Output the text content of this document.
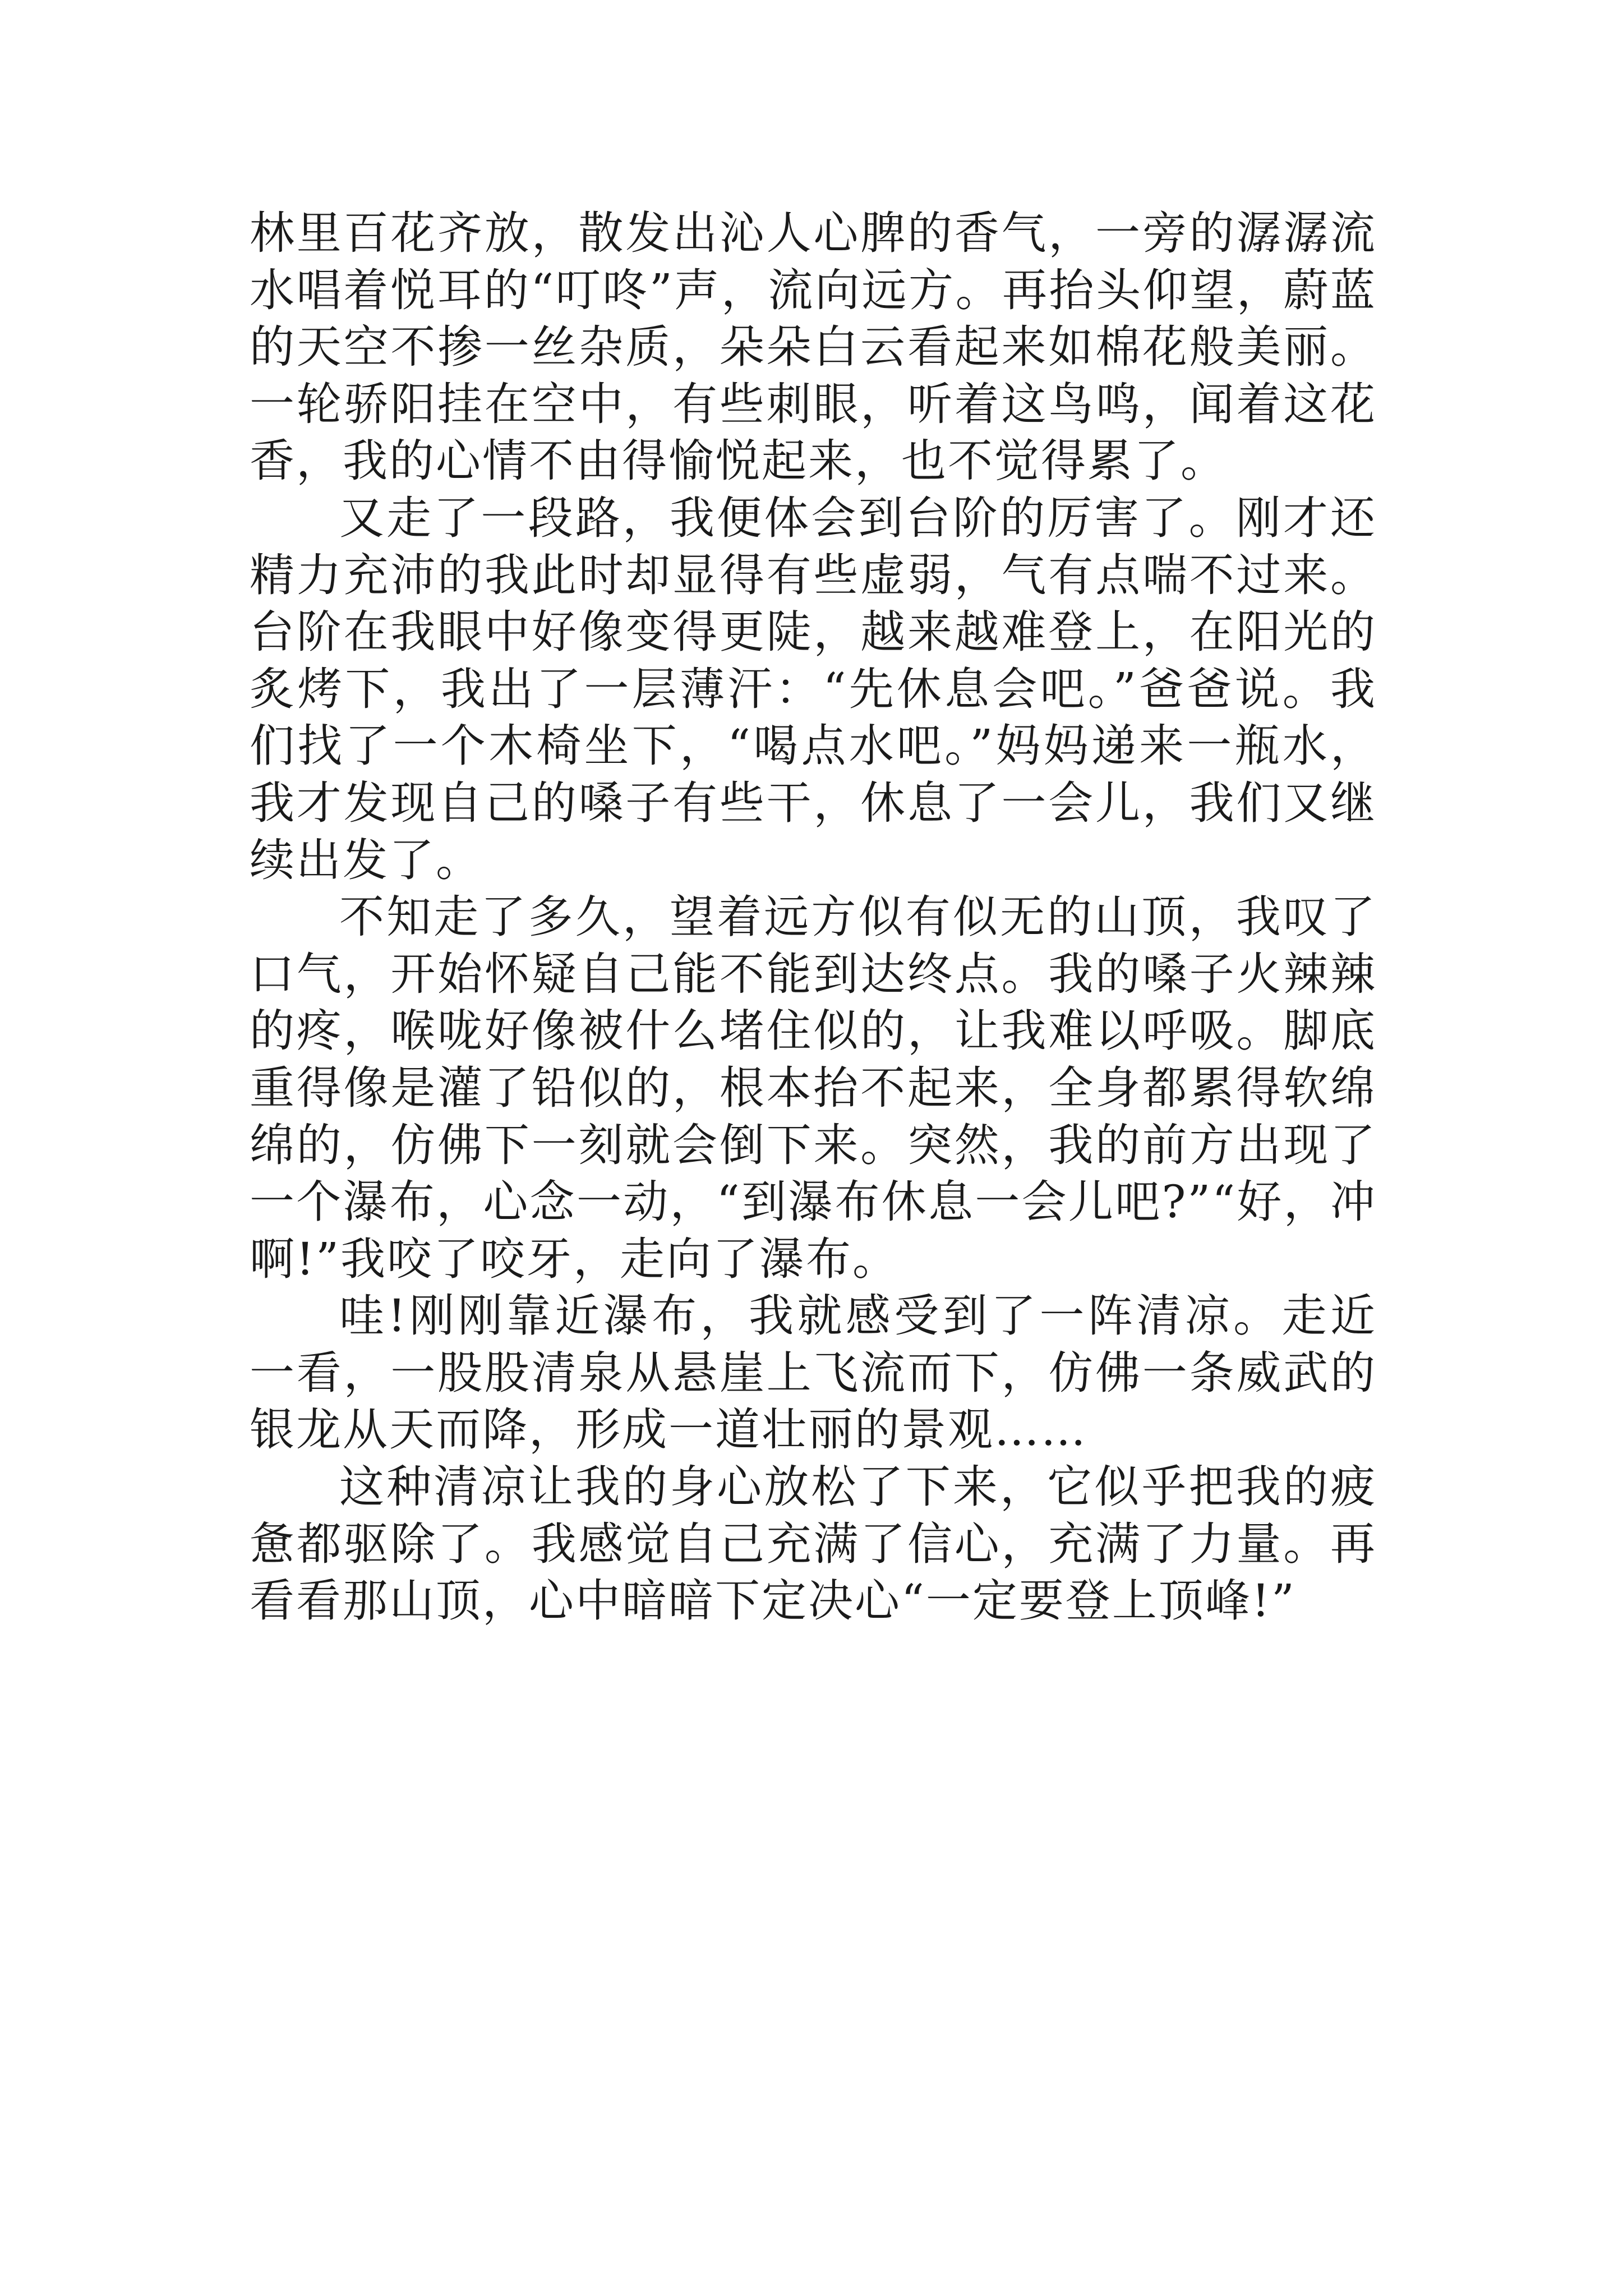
林里百花齐放，散发出沁人心脾的香气，一旁的潺潺流水唱着悦耳的“叮咚”声，流向远方。再抬头仰望，蔚蓝的天空不掺一丝杂质，朵朵白云看起来如棉花般美丽。一轮骄阳挂在空中，有些刺眼，听着这鸟鸣，闻着这花香，我的心情不由得愉悦起来，也不觉得累了。

又走了一段路，我便体会到台阶的厉害了。刚才还精力充沛的我此时却显得有些虚弱，气有点喘不过来。台阶在我眼中好像变得更陡，越来越难登上，在阳光的炙烤下，我出了一层薄汗：“先休息会吧。”爸爸说。我们找了一个木椅坐下，“喝点水吧。”妈妈递来一瓶水，我才发现自己的嗓子有些干，休息了一会儿，我们又继续出发了。

不知走了多久，望着远方似有似无的山顶，我叹了口气，开始怀疑自己能不能到达终点。我的嗓子火辣辣的疼，喉咙好像被什么堵住似的，让我难以呼吸。脚底重得像是灌了铅似的，根本抬不起来，全身都累得软绵绵的，仿佛下一刻就会倒下来。突然，我的前方出现了一个瀑布，心念一动，“到瀑布休息一会儿吧?”“好，冲啊!”我咬了咬牙，走向了瀑布。

哇!刚刚靠近瀑布，我就感受到了一阵清凉。走近一看，一股股清泉从悬崖上飞流而下，仿佛一条威武的银龙从天而降，形成一道壮丽的景观……

这种清凉让我的身心放松了下来，它似乎把我的疲惫都驱除了。我感觉自己充满了信心，充满了力量。再看看那山顶，心中暗暗下定决心“一定要登上顶峰!”
